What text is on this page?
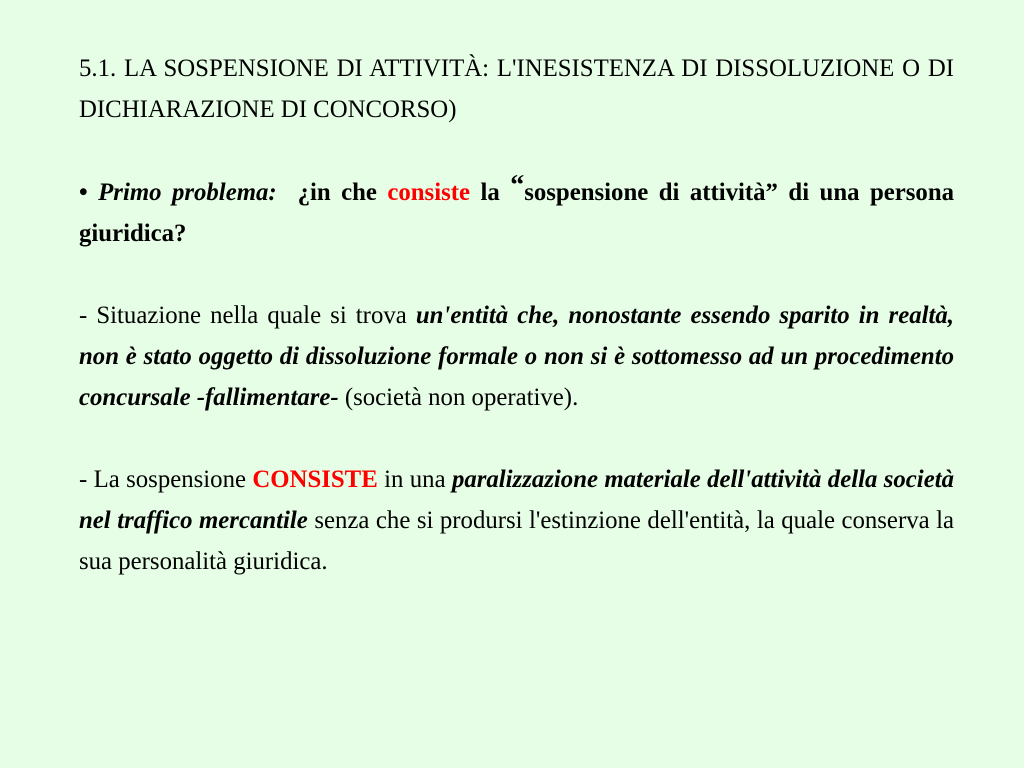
5.1. LA SOSPENSIONE DI ATTIVITÀ: L'INESISTENZA DI DISSOLUZIONE O DI DICHIARAZIONE DI CONCORSO)

• Primo problema: ¿in che consiste la “sospensione di attività” di una persona giuridica?

- Situazione nella quale si trova un'entità che, nonostante essendo sparito in realtà, non è stato oggetto di dissoluzione formale o non si è sottomesso ad un procedimento concursale -fallimentare- (società non operative).

- La sospensione CONSISTE in una paralizzazione materiale dell'attività della società nel traffico mercantile senza che si prodursi l'estinzione dell'entità, la quale conserva la sua personalità giuridica.
